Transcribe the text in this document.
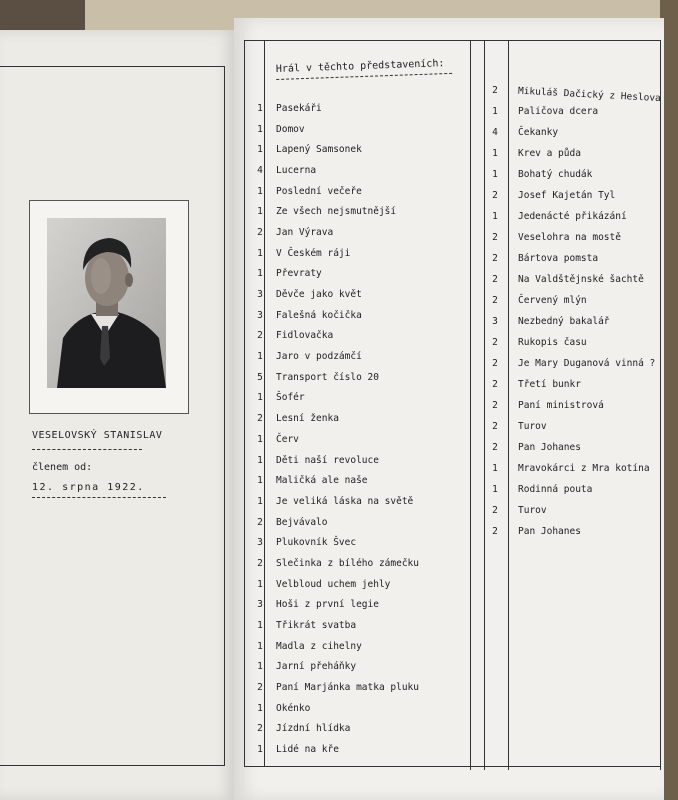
VESELOVSKÝ STANISLAV
členem od:
12. srpna 1922.
Hrál v těchto představeních:
1	Pasekáři
1	Domov
1	Lapený Samsonek
4	Lucerna
1	Poslední večeře
1	Ze všech nejsmutnější
2	Jan Výrava
1	V Českém ráji
1	Převraty
3	Děvče jako květ
3	Falešná kočička
2	Fidlovačka
1	Jaro v podzámčí
5	Transport číslo 20
1	Šofér
2	Lesní ženka
1	Červ
1	Děti naší revoluce
1	Maličká ale naše
1	Je veliká láska na světě
2	Bejvávalo
3	Plukovník Švec
2	Slečinka z bílého zámečku
1	Velbloud uchem jehly
3	Hoši z první legie
1	Třikrát svatba
1	Madla z cihelny
1	Jarní přeháňky
2	Paní Marjánka matka pluku
1	Okénko
2	Jízdní hlídka
1	Lidé na kře
2	Mikuláš Dačický z Heslova
1	Paličova dcera
4	Čekanky
1	Krev a půda
1	Bohatý chudák
2	Josef Kajetán Tyl
1	Jedenácté přikázání
2	Veselohra na mostě
2	Bártova pomsta
2	Na Valdštějnské šachtě
2	Červený mlýn
3	Nezbedný bakalář
2	Rukopis času
2	Je Mary Duganová vinná ?
2	Třetí bunkr
2	Paní ministrová
2	Turov
2	Pan Johanes
1	Mravokárci z Mra kotína
1	Rodinná pouta
2	Turov
2	Pan Johanes
